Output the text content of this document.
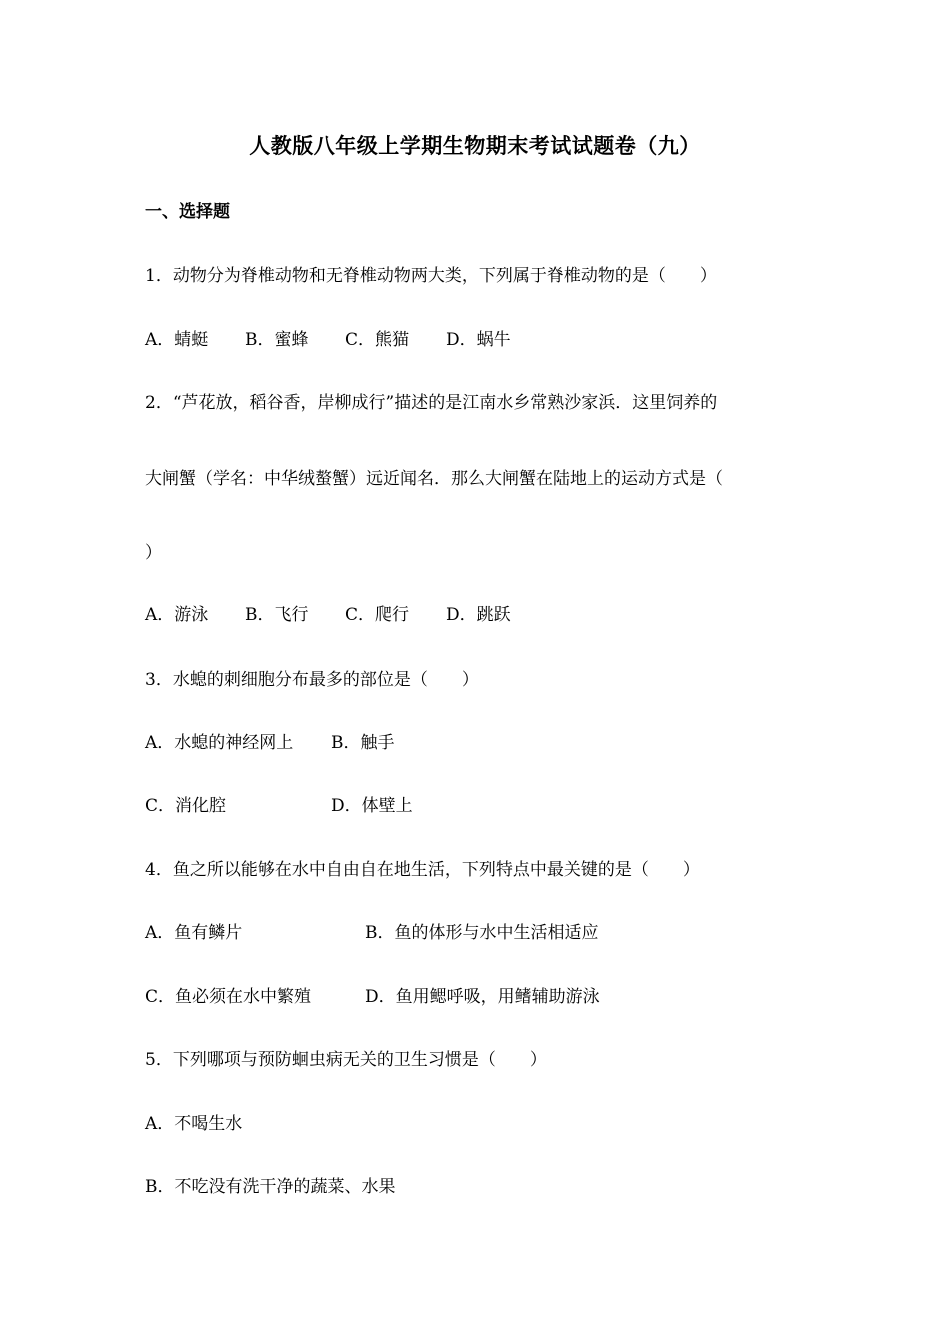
人教版八年级上学期生物期末考试试题卷（九）
一、选择题
1．动物分为脊椎动物和无脊椎动物两大类，下列属于脊椎动物的是（　　）
A．蜻蜓 B．蜜蜂 C．熊猫 D．蜗牛
2．“芦花放，稻谷香，岸柳成行”描述的是江南水乡常熟沙家浜．这里饲养的
大闸蟹（学名：中华绒螯蟹）远近闻名．那么大闸蟹在陆地上的运动方式是（
）
A．游泳 B．飞行 C．爬行 D．跳跃
3．水螅的刺细胞分布最多的部位是（　　）
A．水螅的神经网上 B．触手
C．消化腔	D．体壁上
4．鱼之所以能够在水中自由自在地生活，下列特点中最关键的是（　　）
A．鱼有鳞片	B．鱼的体形与水中生活相适应
C．鱼必须在水中繁殖	D．鱼用鳃呼吸，用鳍辅助游泳
5．下列哪项与预防蛔虫病无关的卫生习惯是（　　）
A．不喝生水
B．不吃没有洗干净的蔬菜、水果
